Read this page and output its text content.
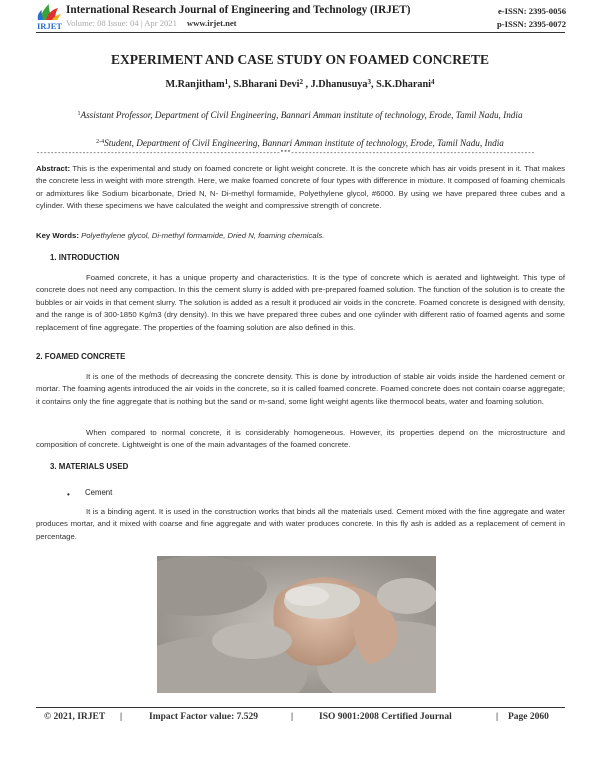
IRJET
International Research Journal of Engineering and Technology (IRJET)
Volume: 08 Issue: 04 | Apr 2021 www.irjet.net
e-ISSN: 2395-0056
p-ISSN: 2395-0072
EXPERIMENT AND CASE STUDY ON FOAMED CONCRETE
M.Ranjitham$^1$, S.Bharani Devi$^2$ , J.Dhanusuya$^3$, S.K.Dharani$^4$
$^1$Assistant Professor, Department of Civil Engineering, Bannari Amman institute of technology, Erode, Tamil Nadu, India
$^{2-4}$Student, Department of Civil Engineering, Bannari Amman institute of technology, Erode, Tamil Nadu, India
---------------------------------------------------------------------***---------------------------------------------------------------------
Abstract: This is the experimental and study on foamed concrete or light weight concrete. It is the concrete which has air voids present in it. That makes the concrete less in weight with more strength. Here, we make foamed concrete of four types with difference in mixture. It composed of foaming chemicals or admixtures like Sodium bicarbonate, Dried N, N- Di-methyl formamide, Polyethylene glycol, #6000. By using we have prepared three cubes and a cylinder. With these specimens we have calculated the weight and compressive strength of concrete.
Key Words: Polyethylene glycol, Di-methyl formamide, Dried N, foaming chemicals.
1. INTRODUCTION
Foamed concrete, it has a unique property and characteristics. It is the type of concrete which is aerated and lightweight. This type of concrete does not need any compaction. In this the cement slurry is added with pre-prepared foamed solution. The function of the solution is to create the bubbles or air voids in that cement slurry. The solution is added as a result it produced air voids in the concrete. Foamed concrete is designed with density, and the range is of 300-1850 Kg/m3 (dry density). In this we have prepared three cubes and one cylinder with different ratio of foamed agents and some replacement of fine aggregate. The properties of the foaming solution are also defined in this.
2. FOAMED CONCRETE
It is one of the methods of decreasing the concrete density. This is done by introduction of stable air voids inside the hardened cement or mortar. The foaming agents introduced the air voids in the concrete, so it is called foamed concrete. Foamed concrete does not contain coarse aggregate; it contains only the fine aggregate that is nothing but the sand or m-sand, some light weight agents like thermocol beats, water and foaming solution.
When compared to normal concrete, it is considerably homogeneous. However, its properties depend on the microstructure and composition of concrete. Lightweight is one of the main advantages of the foamed concrete.
3. MATERIALS USED
• Cement
It is a binding agent. It is used in the construction works that binds all the materials used. Cement mixed with the fine aggregate and water produces mortar, and it mixed with coarse and fine aggregate and with water produces concrete. In this fly ash is added as a replacement of cement in percentage.
© 2021, IRJET |	Impact Factor value: 7.529	|	ISO 9001:2008 Certified Journal	| Page 2060
